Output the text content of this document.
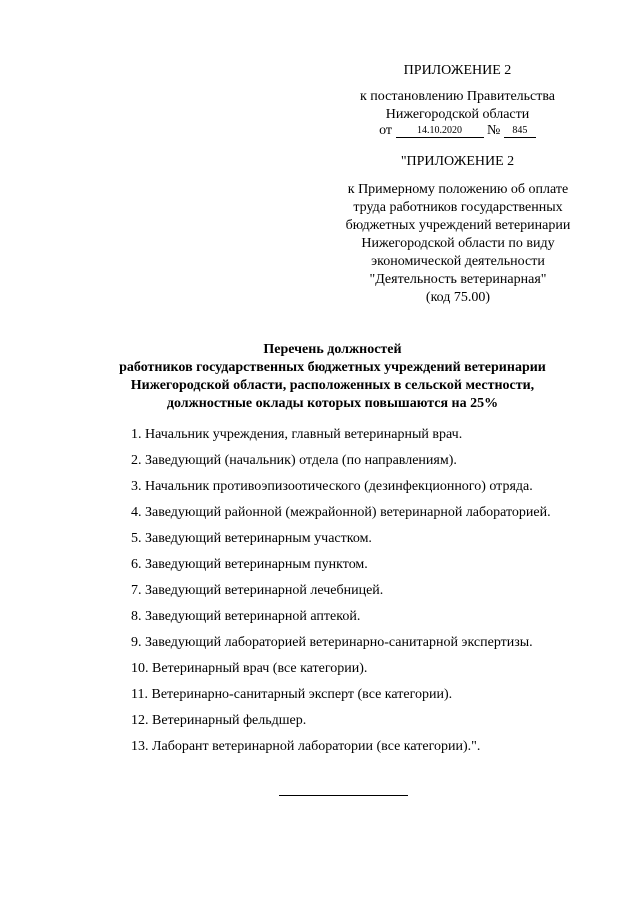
ПРИЛОЖЕНИЕ 2
к постановлению Правительства
Нижегородской области
от	14.10.2020 № 845
"ПРИЛОЖЕНИЕ 2
к Примерному положению об оплате
труда работников государственных
бюджетных учреждений ветеринарии
Нижегородской области по виду
экономической деятельности
"Деятельность ветеринарная"
(код 75.00)
Перечень должностей
работников государственных бюджетных учреждений ветеринарии
Нижегородской области, расположенных в сельской местности,
должностные оклады которых повышаются на 25%
1. Начальник учреждения, главный ветеринарный врач.
2. Заведующий (начальник) отдела (по направлениям).
3. Начальник противоэпизоотического (дезинфекционного) отряда.
4. Заведующий районной (межрайонной) ветеринарной лабораторией.
5. Заведующий ветеринарным участком.
6. Заведующий ветеринарным пунктом.
7. Заведующий ветеринарной лечебницей.
8. Заведующий ветеринарной аптекой.
9. Заведующий лабораторией ветеринарно-санитарной экспертизы.
10. Ветеринарный врач (все категории).
11. Ветеринарно-санитарный эксперт (все категории).
12. Ветеринарный фельдшер.
13. Лаборант ветеринарной лаборатории (все категории).".
